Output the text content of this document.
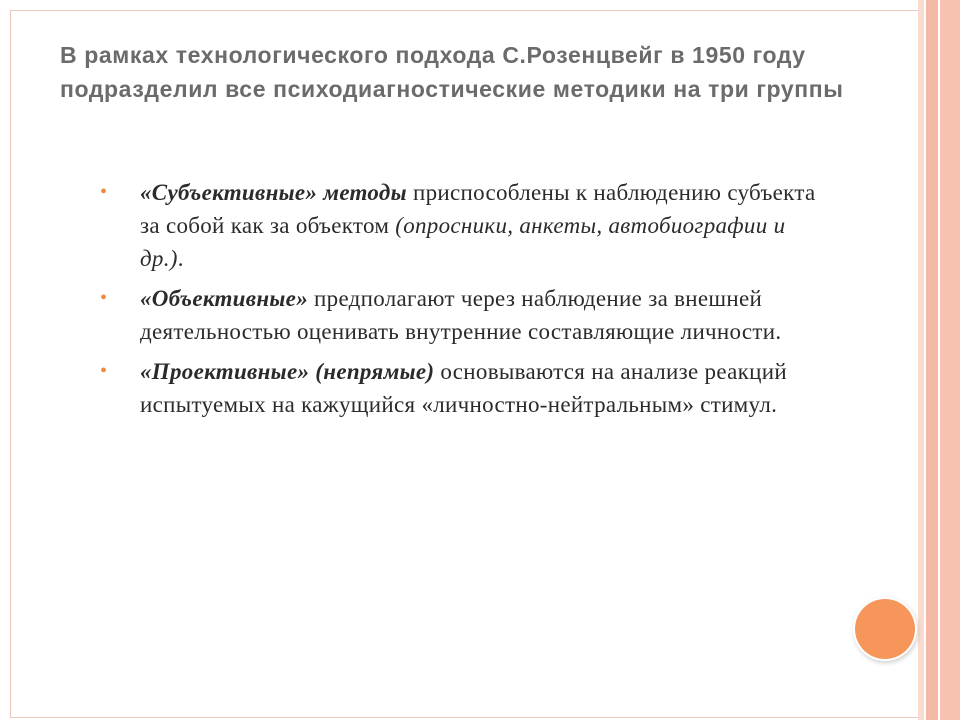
В рамках технологического подхода С.Розенцвейг в 1950 году подразделил все психодиагностические методики на три группы
• «Субъективные» методы приспособлены к наблюдению субъекта за собой как за объектом (опросники, анкеты, автобиографии и др.).
• «Объективные» предполагают через наблюдение за внешней деятельностью оценивать внутренние составляющие личности.
• «Проективные» (непрямые) основываются на анализе реакций испытуемых на кажущийся «личностно-нейтральным» стимул.
